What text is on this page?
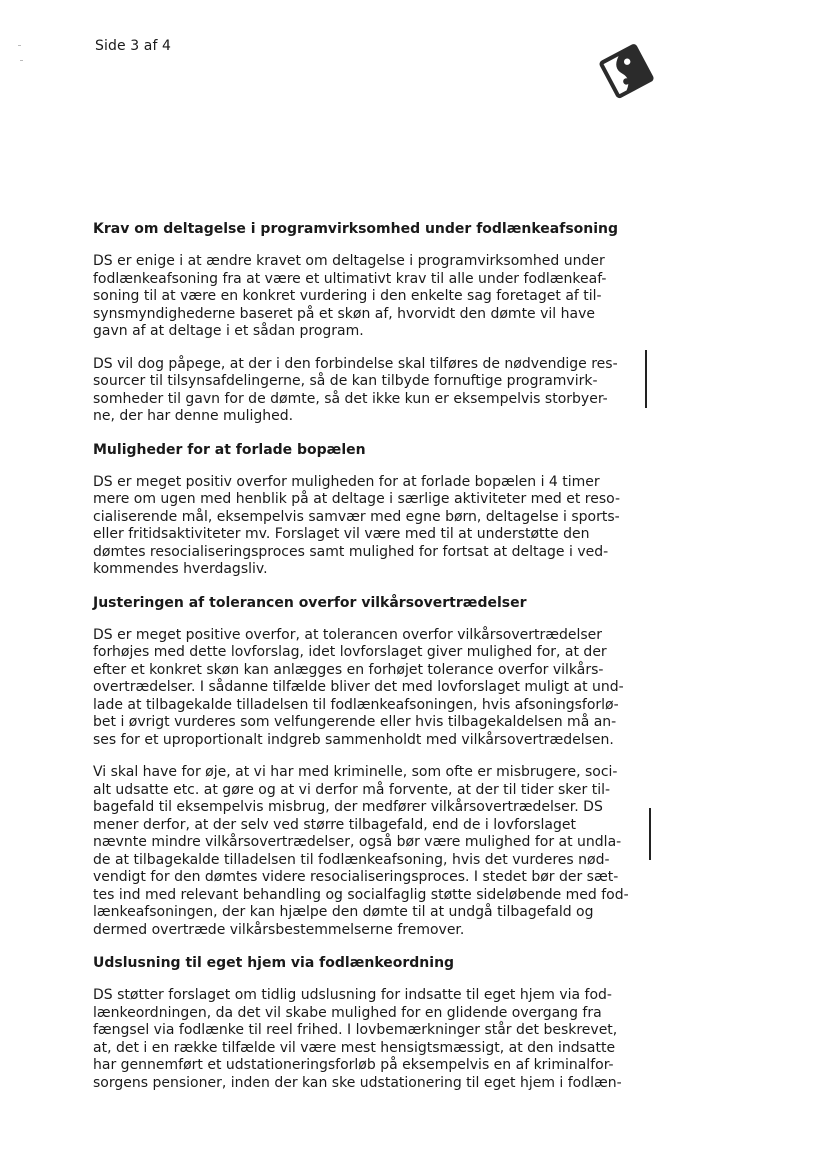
Side 3 af 4
Krav om deltagelse i programvirksomhed under fodlænkeafsoning

DS er enige i at ændre kravet om deltagelse i programvirksomhed under
fodlænkeafsoning fra at være et ultimativt krav til alle under fodlænkeaf-
soning til at være en konkret vurdering i den enkelte sag foretaget af til-
synsmyndighederne baseret på et skøn af, hvorvidt den dømte vil have
gavn af at deltage i et sådan program.

DS vil dog påpege, at der i den forbindelse skal tilføres de nødvendige res-
sourcer til tilsynsafdelingerne, så de kan tilbyde fornuftige programvirk-
somheder til gavn for de dømte, så det ikke kun er eksempelvis storbyer-
ne, der har denne mulighed.

Muligheder for at forlade bopælen

DS er meget positiv overfor muligheden for at forlade bopælen i 4 timer
mere om ugen med henblik på at deltage i særlige aktiviteter med et reso-
cialiserende mål, eksempelvis samvær med egne børn, deltagelse i sports-
eller fritidsaktiviteter mv. Forslaget vil være med til at understøtte den
dømtes resocialiseringsproces samt mulighed for fortsat at deltage i ved-
kommendes hverdagsliv.

Justeringen af tolerancen overfor vilkårsovertrædelser

DS er meget positive overfor, at tolerancen overfor vilkårsovertrædelser
forhøjes med dette lovforslag, idet lovforslaget giver mulighed for, at der
efter et konkret skøn kan anlægges en forhøjet tolerance overfor vilkårs-
overtrædelser. I sådanne tilfælde bliver det med lovforslaget muligt at und-
lade at tilbagekalde tilladelsen til fodlænkeafsoningen, hvis afsoningsforlø-
bet i øvrigt vurderes som velfungerende eller hvis tilbagekaldelsen må an-
ses for et uproportionalt indgreb sammenholdt med vilkårsovertrædelsen.

Vi skal have for øje, at vi har med kriminelle, som ofte er misbrugere, soci-
alt udsatte etc. at gøre og at vi derfor må forvente, at der til tider sker til-
bagefald til eksempelvis misbrug, der medfører vilkårsovertrædelser. DS
mener derfor, at der selv ved større tilbagefald, end de i lovforslaget
nævnte mindre vilkårsovertrædelser, også bør være mulighed for at undla-
de at tilbagekalde tilladelsen til fodlænkeafsoning, hvis det vurderes nød-
vendigt for den dømtes videre resocialiseringsproces. I stedet bør der sæt-
tes ind med relevant behandling og socialfaglig støtte sideløbende med fod-
lænkeafsoningen, der kan hjælpe den dømte til at undgå tilbagefald og
dermed overtræde vilkårsbestemmelserne fremover.

Udslusning til eget hjem via fodlænkeordning

DS støtter forslaget om tidlig udslusning for indsatte til eget hjem via fod-
lænkeordningen, da det vil skabe mulighed for en glidende overgang fra
fængsel via fodlænke til reel frihed. I lovbemærkninger står det beskrevet,
at, det i en række tilfælde vil være mest hensigtsmæssigt, at den indsatte
har gennemført et udstationeringsforløb på eksempelvis en af kriminalfor-
sorgens pensioner, inden der kan ske udstationering til eget hjem i fodlæn-
